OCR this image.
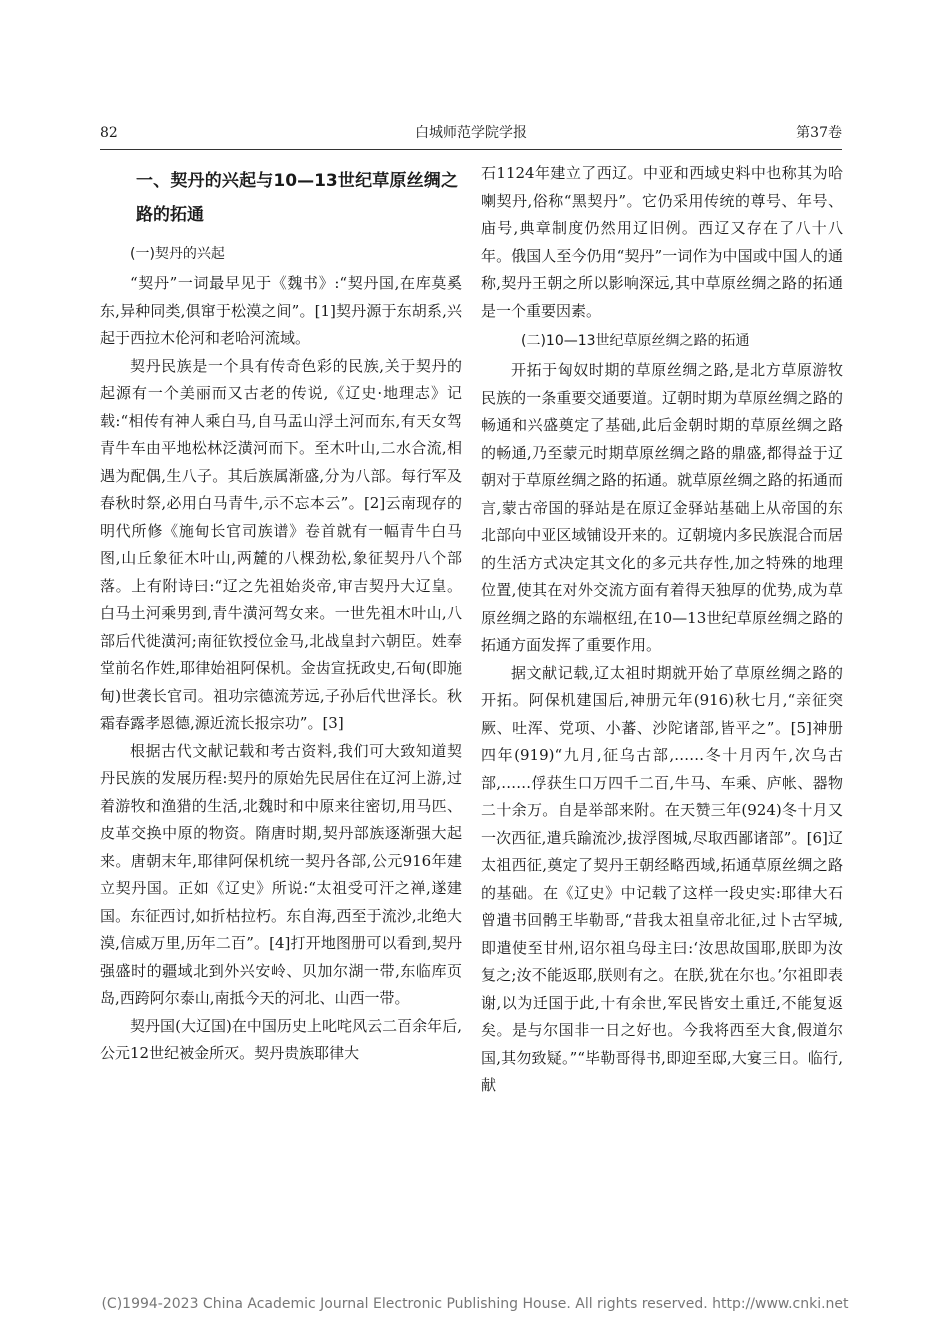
82	白城师范学院学报	第37卷
一、契丹的兴起与10—13世纪草原丝绸之路的拓通
(一)契丹的兴起

“契丹”一词最早见于《魏书》:“契丹国,在库莫奚东,异种同类,俱窜于松漠之间”。[1]契丹源于东胡系,兴起于西拉木伦河和老哈河流域。

契丹民族是一个具有传奇色彩的民族,关于契丹的起源有一个美丽而又古老的传说,《辽史·地理志》记载:“相传有神人乘白马,自马盂山浮土河而东,有天女驾青牛车由平地松林泛潢河而下。至木叶山,二水合流,相遇为配偶,生八子。其后族属渐盛,分为八部。每行军及春秋时祭,必用白马青牛,示不忘本云”。[2]云南现存的明代所修《施甸长官司族谱》卷首就有一幅青牛白马图,山丘象征木叶山,两麓的八棵劲松,象征契丹八个部落。上有附诗曰:“辽之先祖始炎帝,审吉契丹大辽皇。白马土河乘男到,青牛潢河驾女来。一世先祖木叶山,八部后代徙潢河;南征钦授位金马,北战皇封六朝臣。姓奉堂前名作姓,耶律始祖阿保机。金齿宣抚政史,石甸(即施甸)世袭长官司。祖功宗德流芳远,子孙后代世泽长。秋霜春露孝恩德,源近流长报宗功”。[3]

根据古代文献记载和考古资料,我们可大致知道契丹民族的发展历程:契丹的原始先民居住在辽河上游,过着游牧和渔猎的生活,北魏时和中原来往密切,用马匹、皮革交换中原的物资。隋唐时期,契丹部族逐渐强大起来。唐朝末年,耶律阿保机统一契丹各部,公元916年建立契丹国。正如《辽史》所说:“太祖受可汗之禅,遂建国。东征西讨,如折枯拉朽。东自海,西至于流沙,北绝大漠,信威万里,历年二百”。[4]打开地图册可以看到,契丹强盛时的疆域北到外兴安岭、贝加尔湖一带,东临库页岛,西跨阿尔泰山,南抵今天的河北、山西一带。

契丹国(大辽国)在中国历史上叱咤风云二百余年后,公元12世纪被金所灭。契丹贵族耶律大

石1124年建立了西辽。中亚和西域史料中也称其为哈喇契丹,俗称“黑契丹”。它仍采用传统的尊号、年号、庙号,典章制度仍然用辽旧例。西辽又存在了八十八年。俄国人至今仍用“契丹”一词作为中国或中国人的通称,契丹王朝之所以影响深远,其中草原丝绸之路的拓通是一个重要因素。

(二)10—13世纪草原丝绸之路的拓通

开拓于匈奴时期的草原丝绸之路,是北方草原游牧民族的一条重要交通要道。辽朝时期为草原丝绸之路的畅通和兴盛奠定了基础,此后金朝时期的草原丝绸之路的畅通,乃至蒙元时期草原丝绸之路的鼎盛,都得益于辽朝对于草原丝绸之路的拓通。就草原丝绸之路的拓通而言,蒙古帝国的驿站是在原辽金驿站基础上从帝国的东北部向中亚区域铺设开来的。辽朝境内多民族混合而居的生活方式决定其文化的多元共存性,加之特殊的地理位置,使其在对外交流方面有着得天独厚的优势,成为草原丝绸之路的东端枢纽,在10—13世纪草原丝绸之路的拓通方面发挥了重要作用。

据文献记载,辽太祖时期就开始了草原丝绸之路的开拓。阿保机建国后,神册元年(916)秋七月,“亲征突厥、吐浑、党项、小蕃、沙陀诸部,皆平之”。[5]神册四年(919)“九月,征乌古部,……冬十月丙午,次乌古部,……俘获生口万四千二百,牛马、车乘、庐帐、器物二十余万。自是举部来附。在天赞三年(924)冬十月又一次西征,遣兵踰流沙,拔浮图城,尽取西鄙诸部”。[6]辽太祖西征,奠定了契丹王朝经略西域,拓通草原丝绸之路的基础。在《辽史》中记载了这样一段史实:耶律大石曾遣书回鹘王毕勒哥,“昔我太祖皇帝北征,过卜古罕城,即遣使至甘州,诏尔祖乌母主曰:‘汝思故国耶,朕即为汝复之;汝不能返耶,朕则有之。在朕,犹在尔也。’尔祖即表谢,以为迁国于此,十有余世,军民皆安土重迁,不能复返矣。是与尔国非一日之好也。今我将西至大食,假道尔国,其勿致疑。”“毕勒哥得书,即迎至邸,大宴三日。临行,献

(C)1994-2023 China Academic Journal Electronic Publishing House. All rights reserved. http://www.cnki.net
